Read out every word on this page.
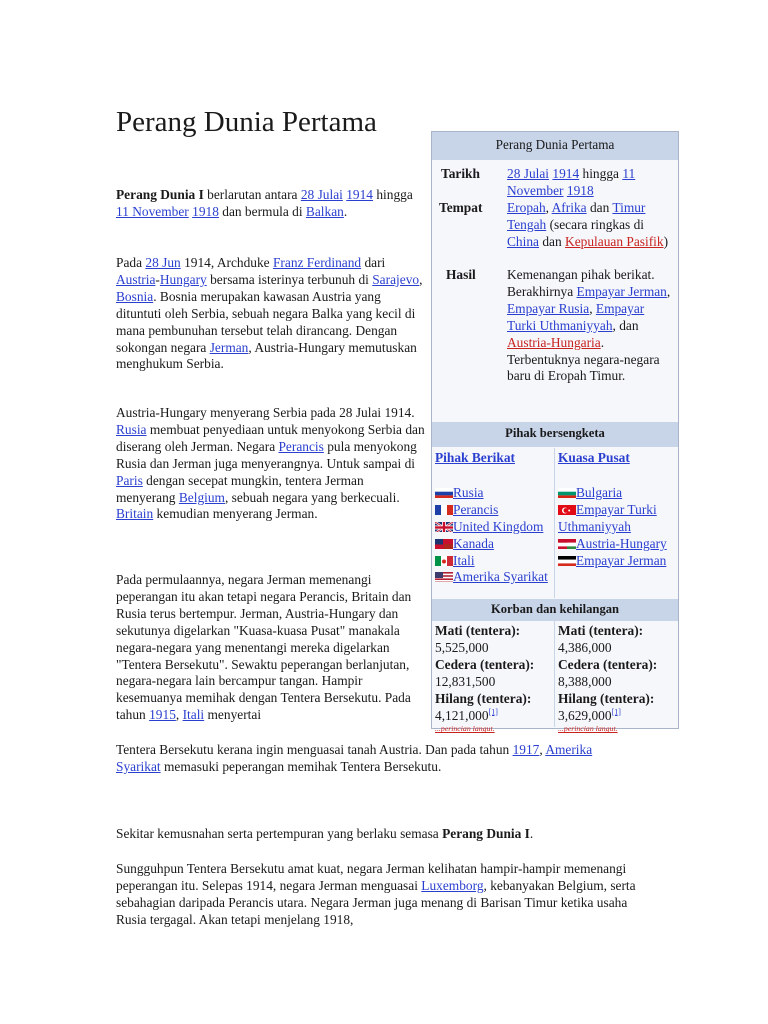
Perang Dunia Pertama

Perang Dunia I berlarutan antara 28 Julai 1914 hingga 11 November 1918 dan bermula di Balkan.

Pada 28 Jun 1914, Archduke Franz Ferdinand dari Austria-Hungary bersama isterinya terbunuh di Sarajevo, Bosnia. Bosnia merupakan kawasan Austria yang dituntuti oleh Serbia, sebuah negara Balka yang kecil di mana pembunuhan tersebut telah dirancang. Dengan sokongan negara Jerman, Austria-Hungary memutuskan menghukum Serbia.

Austria-Hungary menyerang Serbia pada 28 Julai 1914. Rusia membuat penyediaan untuk menyokong Serbia dan diserang oleh Jerman. Negara Perancis pula menyokong Rusia dan Jerman juga menyerangnya. Untuk sampai di Paris dengan secepat mungkin, tentera Jerman menyerang Belgium, sebuah negara yang berkecuali. Britain kemudian menyerang Jerman.

Pada permulaannya, negara Jerman memenangi peperangan itu akan tetapi negara Perancis, Britain dan Rusia terus bertempur. Jerman, Austria-Hungary dan sekutunya digelarkan "Kuasa-kuasa Pusat" manakala negara-negara yang menentangi mereka digelarkan "Tentera Bersekutu". Sewaktu peperangan berlanjutan, negara-negara lain bercampur tangan. Hampir kesemuanya memihak dengan Tentera Bersekutu. Pada tahun 1915, Itali menyertai

Tentera Bersekutu kerana ingin menguasai tanah Austria. Dan pada tahun 1917, Amerika Syarikat memasuki peperangan memihak Tentera Bersekutu.

Sekitar kemusnahan serta pertempuran yang berlaku semasa Perang Dunia I.

Sungguhpun Tentera Bersekutu amat kuat, negara Jerman kelihatan hampir-hampir memenangi peperangan itu. Selepas 1914, negara Jerman menguasai Luxemborg, kebanyakan Belgium, serta sebahagian daripada Perancis utara. Negara Jerman juga menang di Barisan Timur ketika usaha Rusia tergagal. Akan tetapi menjelang 1918,

Perang Dunia Pertama
Tarikh 28 Julai 1914 hingga 11 November 1918
Tempat Eropah, Afrika dan Timur Tengah (secara ringkas di China dan Kepulauan Pasifik)
Hasil Kemenangan pihak berikat. Berakhirnya Empayar Jerman, Empayar Rusia, Empayar Turki Uthmaniyyah, dan Austria-Hungaria. Terbentuknya negara-negara baru di Eropah Timur.
Pihak bersengketa
Pihak Berikat
Rusia
Perancis
United Kingdom
Kanada
Itali
Amerika Syarikat
Kuasa Pusat
Bulgaria
Empayar Turki Uthmaniyyah
Austria-Hungary
Empayar Jerman
Korban dan kehilangan
Mati (tentera):
5,525,000
Cedera (tentera):
12,831,500
Hilang (tentera):
4,121,000[1]
...perincian langut.
Mati (tentera):
4,386,000
Cedera (tentera):
8,388,000
Hilang (tentera):
3,629,000[1]
...perincian langut.
